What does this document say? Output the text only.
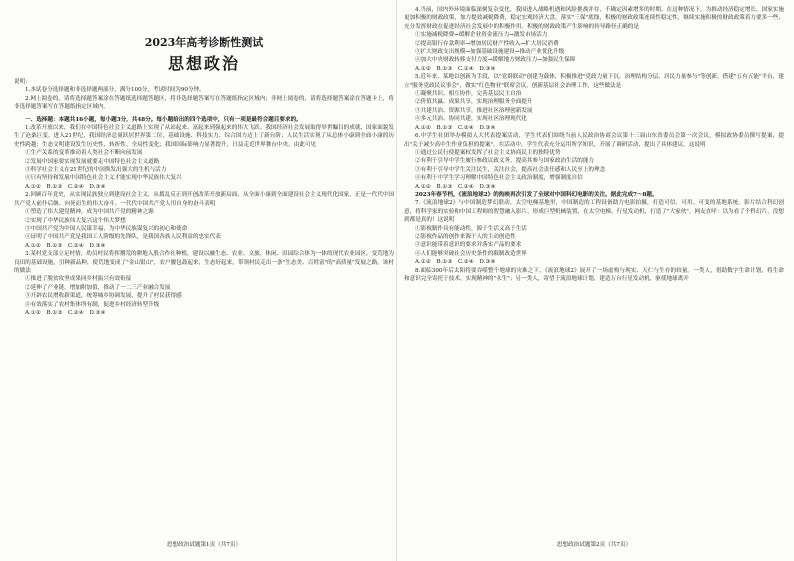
2023年高考诊断性测试
思想政治

说明：

1.本试卷分选择题和非选择题两部分，满分100分，考试时间为90分钟。

2.网上阅卷的，请将选择题答案涂在答题纸选择题答题区，将非选择题答案写在答题纸指定区域内；非网上阅卷的，请将选择题答案涂在答题卡上，将非选择题答案写在答题纸指定区域内。

一、选择题：本题共16小题，每小题3分，共48分。每小题给出的四个选项中，只有一项是最符合题目要求的。

1.改革开放以来，我们在中国特色社会主义道路上实现了从站起来、富起来到强起来的伟大飞跃。我国经济社会发展取得举世瞩目的成就，国家面貌发生了沧桑巨变。进入21世纪，我国经济总量跃居世界第二位，基础设施、科技实力、综合国力迈上了新台阶；人民生活实现了从总体小康到全面小康的历史性跨越；生态文明建设发生历史性、转折性、全局性变化；我国国际影响力显著提升，日益走近世界舞台中央。由此可见

①生产关系的变革推动着人类社会不断向前发展

②发展中国家要实现发展就要走中国特色社会主义道路

③科学社会主义在21世纪的中国焕发出强大的生机与活力

④只有坚持和发展中国特色社会主义才能实现中华民族伟大复兴

A.①②　B.①③　C.②④　D.③④

2.回顾百年党史，从实现民族独立到建设社会主义，从拨乱反正到开创改革开放新局面，从全面小康到全面建设社会主义现代化国家，正是一代代中国共产党人前仆后继、向死而生的伟大奋斗。一代代中国共产党人用自身的奋斗表明

①塑造了伟大建党精神，成为中国共产党的精神之源

②实现了中华民族伟大复兴这个伟大梦想

③中国共产党为中国人民谋幸福，为中华民族谋复兴的初心和使命

④证明了中国共产党是我国工人阶级的先锋队，是我国各族人民利益的忠实代表

A.①②　B.①③　C.②④　D.③④

3.某村党支部立足村情，幼员村民将挥撂荒的耕地入股合作社种植，建设以融生态、农业、文旅、休闲、田园综合体为一体的现代农业园区。变荒地为良田的基础设施，引种新品种，使荒地变成了"金山银山"，农户腰包鼓起来，生态好起来，带领村民走出一条"生态美、百姓富"的"高质量"发展之路。该村的做法

①推进了脱贫攻坚成果同乡村振兴有效衔接

②延伸了产业链，增加附加值，推动了一二三产业融合发展

③开辟农民增收新渠道，统筹城乡协调发展，提升了村民获得感

④有效落实了农村集体所有制，促进乡村经济转型升级

A.①②　B.①③　C.②④　D.③④

思想政治试题第1页（共7页）

4.当前，国内外环境面临深刻复杂变化，我国进入战略机遇和风险挑战并存、不确定因素增多的时期。在这种情况下，为推动经济稳定增长，国家实施更加积极的财政政策，加力提效减税降费，稳定宏观经济大盘，落实"三保"底线，积极的财政政策连续性稳定性，继续实施积极的财政政策着力要多一些，充分发挥财政在促进经济社会发展中的积极作用。积极的财政政策产生影响的传导路径正确的是

①实施减税降费→缓解企业资金流压力→激发市场活力

②提高银行存款利率→增加居民财产性收入→扩大居民消费

③扩大财政支出规模→加强基础设施建设→推动产业优化升级

④加大中央财政转移支付力度→缓解地方财政压力→加强民生保障

A.①②　B.①③　C.①④　D.③④

5.近年来，某地以创新为手段，以"党群联动"创建为载体，积极推进"党政力量下沉、治理结构分层、居民力量参与"等创新，搭建"五有五能"平台，建立"服务党政民议事会"，做实"红色物业"联席会议，创新基层社会治理工作，这些做法是

①凝聚共识、相互协作，完善基层民主自治

②价值共赢、成果共享，实现治理服务全面提升

③共建共治、资源共享，推进社区治理创新发展

④多元共治、协同共建，实现社区治理现代化

A.①②　B.①③　C.②④　D.③④

6.中学生社团举办模拟人大代表提案活动，学生代表们围绕当前人民政治协商会议第十三届山东省委员会第一次会议，模拟政协委员撰写提案，提出"关于减少高中生作业负担的提案"。在活动中，学生代表充分运用所学知识，开展了调研活动，提出了具体建议。这说明

①通过公民行使提案权发挥了社会主义协商民主的独特优势

②有利于引导中学生履行参政议政义务，提高其参与国家政治生活的能力

③有利于引导中学生关注民生，关注社会，提高社会责任感和人民至上的理念

④有利于中学生学习理解中国特色社会主义政治制度，增强制度自信

A.①②　B.①③　C.②④　D.③④

2023年春节档，《流浪地球2》的热映再次引发了全球对中国科幻电影的关注。据此完成7～8题。

7.《流浪地球2》与中国制造梦幻联动，太空电梯基地里，中国制造的工程设备助力电影拍摄，打造可信、可用、可变的基地系统。影片结合科幻创意，将科学家的实验和中国工程师的智慧融入影片，形成巨型机械装置，在太空电梯、行星发动机，打造了"大家伙"。网友直呼：以为看了个科幻片，没想到都是真的！这说明

①影视制作具有能动性，源于生活又高于生活

②影视作品的创作来源于人的主动创造性

③意识能带着意识的要求并落实产品的要求

④人们能够突破社会历史条件的限制改造世界

A.①②　B.①③　C.②④　D.③④

8.面临300年后太阳将要吞噬整个地球的灾难之下，《流浪地球2》展开了一场虚构与现实、天仁与生存的较量。一类人，借助数字生命计划，将生命和意识完全寄托于技术，实现精神的"永生"；另一类人，寄望于流浪地球计划，建造万台行星发动机，驱使地球离开

思想政治试题第2页（共7页）
